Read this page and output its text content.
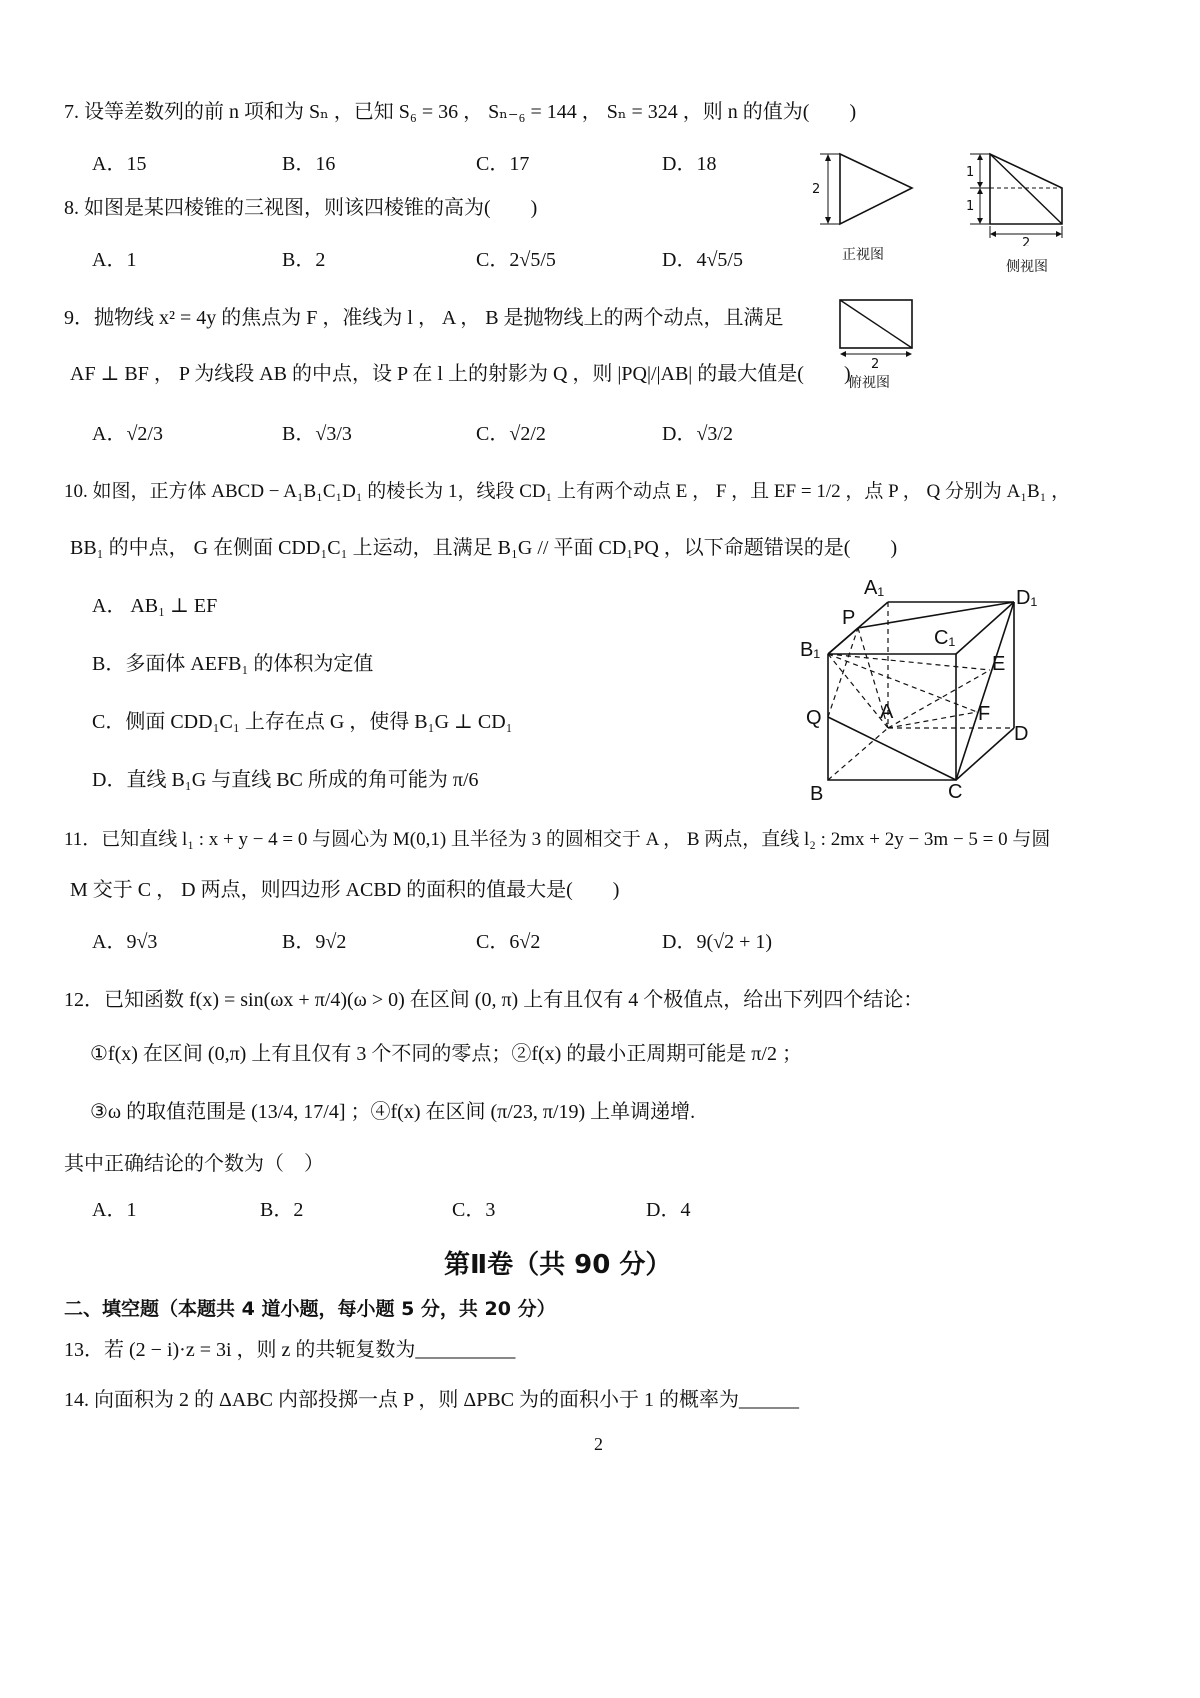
7. 设等差数列的前 n 项和为 Sₙ ，已知 S₆ = 36 ， Sₙ₋₆ = 144 ， Sₙ = 324 ，则 n 的值为(　　)
A．15	B．16	C．17	D．18
8. 如图是某四棱锥的三视图，则该四棱锥的高为(　　)
A．1	B．2	C．2√5/5	D．4√5/5
9．抛物线 x² = 4y 的焦点为 F ，准线为 l ， A ， B 是抛物线上的两个动点，且满足
AF ⊥ BF ， P 为线段 AB 的中点，设 P 在 l 上的射影为 Q ，则 |PQ|/|AB| 的最大值是(　　)
A．√2/3	B．√3/3	C．√2/2	D．√3/2
10. 如图，正方体 ABCD − A₁B₁C₁D₁ 的棱长为 1，线段 CD₁ 上有两个动点 E ， F ，且 EF = 1/2 ，点 P ， Q 分别为 A₁B₁ ，
BB₁ 的中点， G 在侧面 CDD₁C₁ 上运动，且满足 B₁G // 平面 CD₁PQ ，以下命题错误的是(　　)
A． AB₁ ⊥ EF
B．多面体 AEFB₁ 的体积为定值
C．侧面 CDD₁C₁ 上存在点 G ，使得 B₁G ⊥ CD₁
D．直线 B₁G 与直线 BC 所成的角可能为 π/6
11．已知直线 l₁ : x + y − 4 = 0 与圆心为 M(0,1) 且半径为 3 的圆相交于 A ， B 两点，直线 l₂ : 2mx + 2y − 3m − 5 = 0 与圆
M 交于 C ， D 两点，则四边形 ACBD 的面积的值最大是(　　)
A．9√3	B．9√2	C．6√2	D．9(√2 + 1)
12．已知函数 f(x) = sin(ωx + π/4)(ω > 0) 在区间 (0, π) 上有且仅有 4 个极值点，给出下列四个结论：
①f(x) 在区间 (0,π) 上有且仅有 3 个不同的零点；②f(x) 的最小正周期可能是 π/2 ；
③ω 的取值范围是 (13/4, 17/4] ；④f(x) 在区间 (π/23, π/19) 上单调递增.
其中正确结论的个数为（　）
A．1	B．2	C．3	D．4
第Ⅱ卷（共 90 分）
二、填空题（本题共 4 道小题，每小题 5 分，共 20 分）
13．若 (2 − i)·z = 3i ，则 z 的共轭复数为__________
14. 向面积为 2 的 ΔABC 内部投掷一点 P ，则 ΔPBC 为的面积小于 1 的概率为______
2
2
正视图
1
1
2
侧视图
2
俯视图
A₁	D₁
P
C₁
B₁
E
A	F
Q
D
B	C
